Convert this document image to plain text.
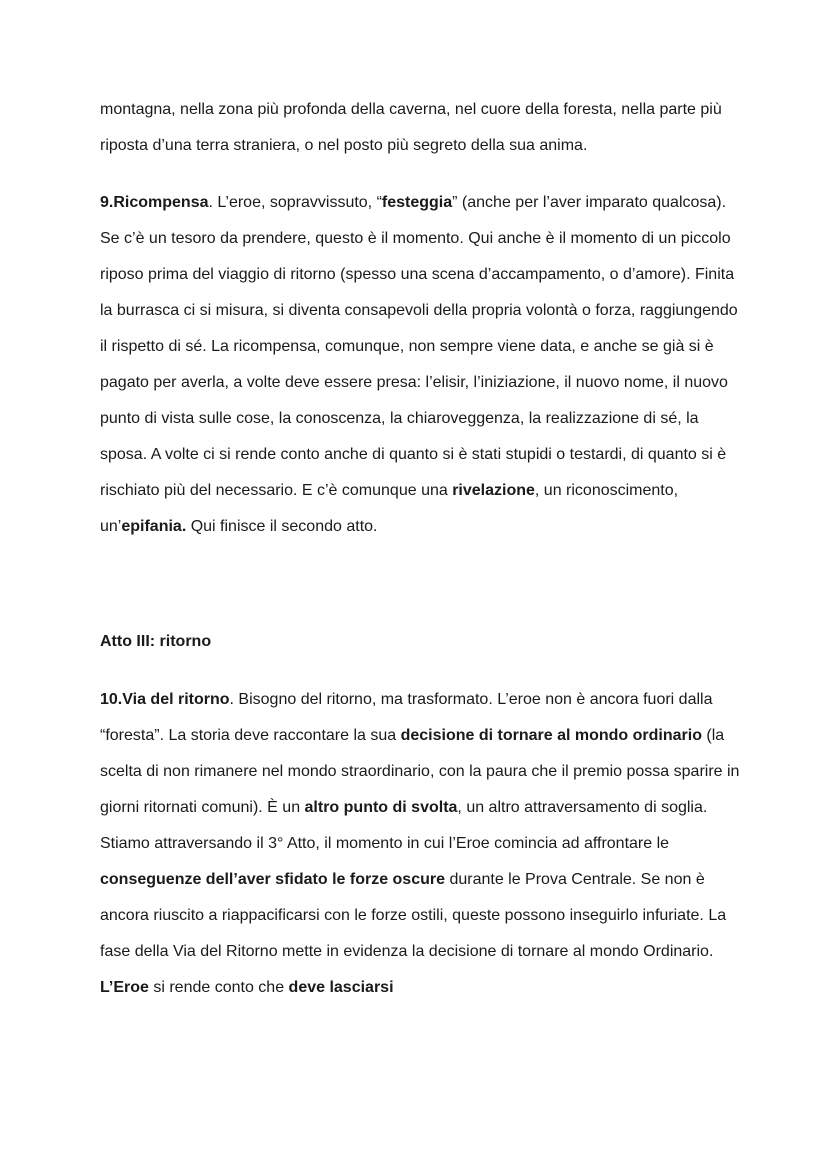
montagna, nella zona più profonda della caverna, nel cuore della foresta, nella parte più riposta d’una terra straniera, o nel posto più segreto della sua anima.

9.Ricompensa. L’eroe, sopravvissuto, “festeggia” (anche per l’aver imparato qualcosa). Se c’è un tesoro da prendere, questo è il momento. Qui anche è il momento di un piccolo riposo prima del viaggio di ritorno (spesso una scena d’accampamento, o d’amore). Finita la burrasca ci si misura, si diventa consapevoli della propria volontà o forza, raggiungendo il rispetto di sé. La ricompensa, comunque, non sempre viene data, e anche se già si è pagato per averla, a volte deve essere presa: l’elisir, l’iniziazione, il nuovo nome, il nuovo punto di vista sulle cose, la conoscenza, la chiaroveggenza, la realizzazione di sé, la sposa. A volte ci si rende conto anche di quanto si è stati stupidi o testardi, di quanto si è rischiato più del necessario. E c’è comunque una rivelazione, un riconoscimento, un’epifania. Qui finisce il secondo atto.

Atto III: ritorno

10.Via del ritorno. Bisogno del ritorno, ma trasformato. L’eroe non è ancora fuori dalla “foresta”. La storia deve raccontare la sua decisione di tornare al mondo ordinario (la scelta di non rimanere nel mondo straordinario, con la paura che il premio possa sparire in giorni ritornati comuni). È un altro punto di svolta, un altro attraversamento di soglia. Stiamo attraversando il 3° Atto, il momento in cui l’Eroe comincia ad affrontare le conseguenze dell’aver sfidato le forze oscure durante le Prova Centrale. Se non è ancora riuscito a riappacificarsi con le forze ostili, queste possono inseguirlo infuriate. La fase della Via del Ritorno mette in evidenza la decisione di tornare al mondo Ordinario. L’Eroe si rende conto che deve lasciarsi
